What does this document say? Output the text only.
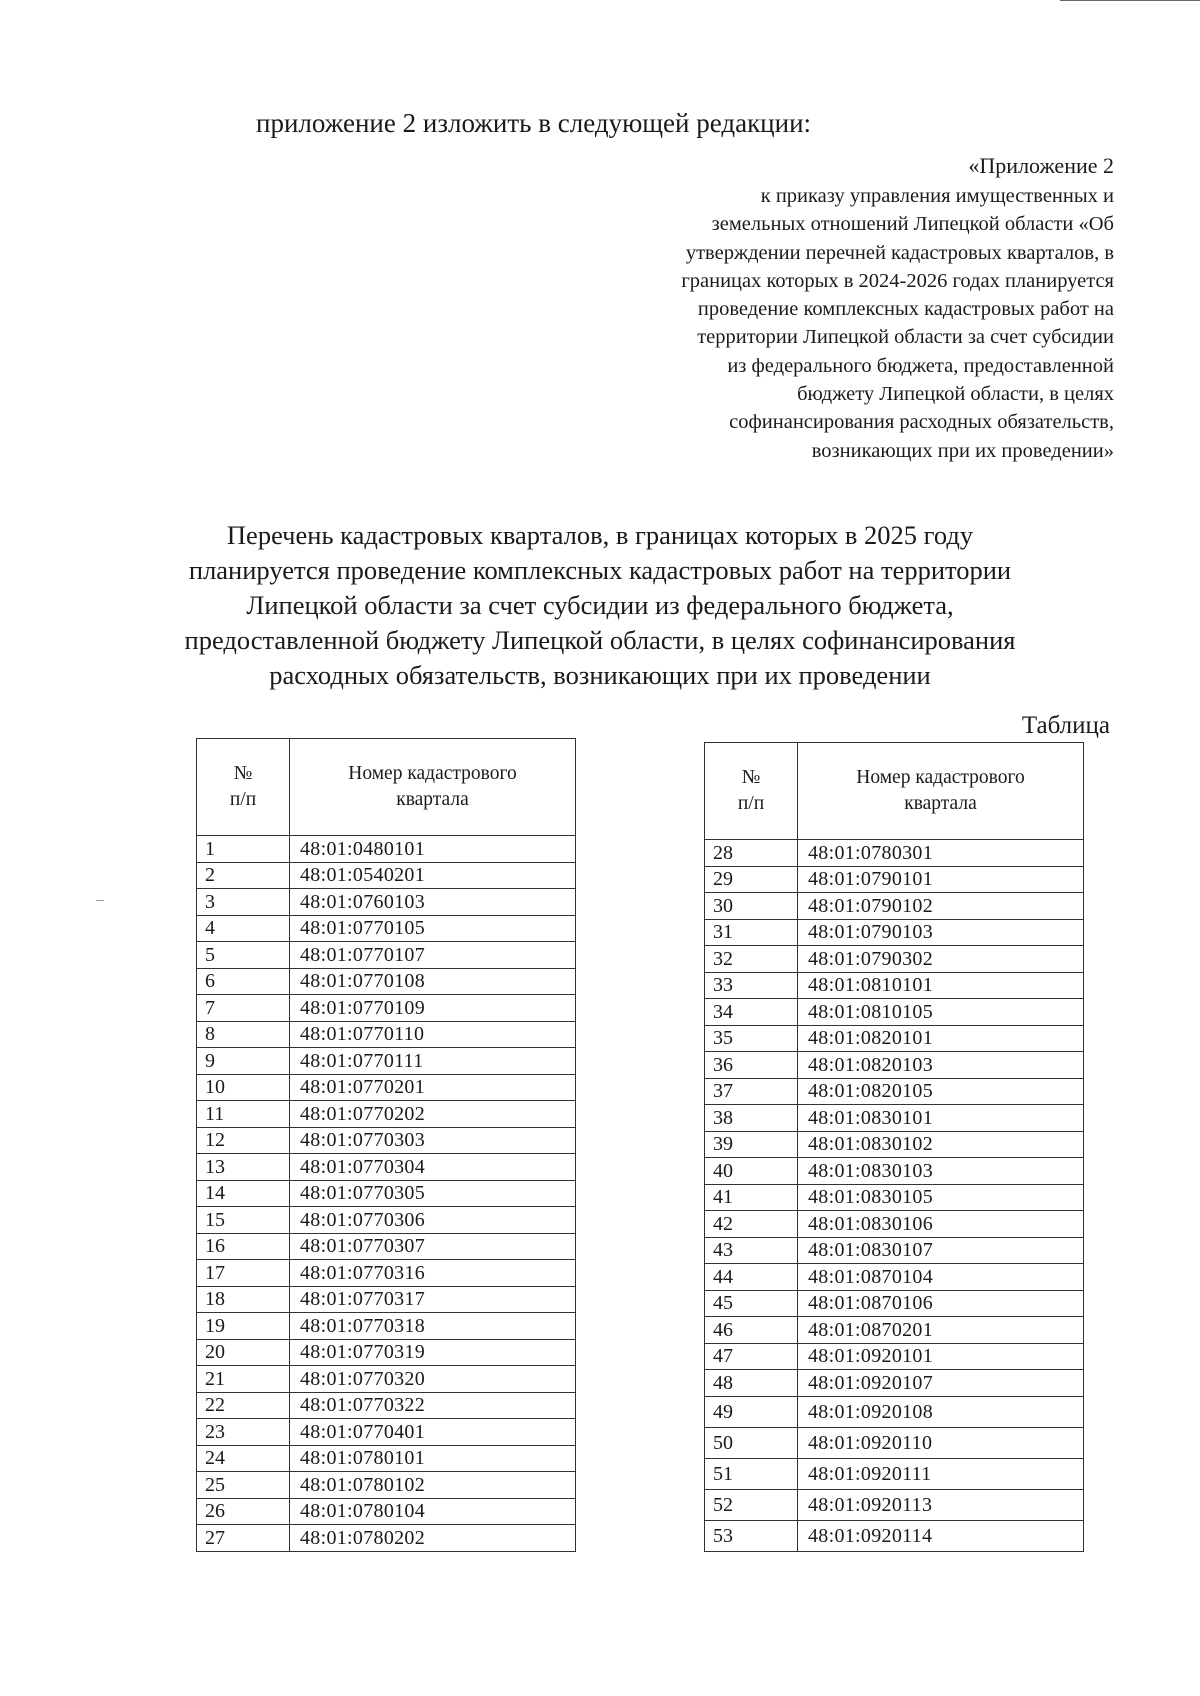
приложение 2 изложить в следующей редакции:
«Приложение 2
к приказу управления имущественных и
земельных отношений Липецкой области «Об
утверждении перечней кадастровых кварталов, в
границах которых в 2024-2026 годах планируется
проведение комплексных кадастровых работ на
территории Липецкой области за счет субсидии
из федерального бюджета, предоставленной
бюджету Липецкой области, в целях
софинансирования расходных обязательств,
возникающих при их проведении»
Перечень кадастровых кварталов, в границах которых в 2025 году
планируется проведение комплексных кадастровых работ на территории
Липецкой области за счет субсидии из федерального бюджета,
предоставленной бюджету Липецкой области, в целях софинансирования
расходных обязательств, возникающих при их проведении
Таблица
№
п/п	Номер кадастрового
квартала
1	48:01:0480101
2	48:01:0540201
3	48:01:0760103
4	48:01:0770105
5	48:01:0770107
6	48:01:0770108
7	48:01:0770109
8	48:01:0770110
9	48:01:0770111
10	48:01:0770201
11	48:01:0770202
12	48:01:0770303
13	48:01:0770304
14	48:01:0770305
15	48:01:0770306
16	48:01:0770307
17	48:01:0770316
18	48:01:0770317
19	48:01:0770318
20	48:01:0770319
21	48:01:0770320
22	48:01:0770322
23	48:01:0770401
24	48:01:0780101
25	48:01:0780102
26	48:01:0780104
27	48:01:0780202
№
п/п	Номер кадастрового
квартала
28	48:01:0780301
29	48:01:0790101
30	48:01:0790102
31	48:01:0790103
32	48:01:0790302
33	48:01:0810101
34	48:01:0810105
35	48:01:0820101
36	48:01:0820103
37	48:01:0820105
38	48:01:0830101
39	48:01:0830102
40	48:01:0830103
41	48:01:0830105
42	48:01:0830106
43	48:01:0830107
44	48:01:0870104
45	48:01:0870106
46	48:01:0870201
47	48:01:0920101
48	48:01:0920107
49	48:01:0920108
50	48:01:0920110
51	48:01:0920111
52	48:01:0920113
53	48:01:0920114
